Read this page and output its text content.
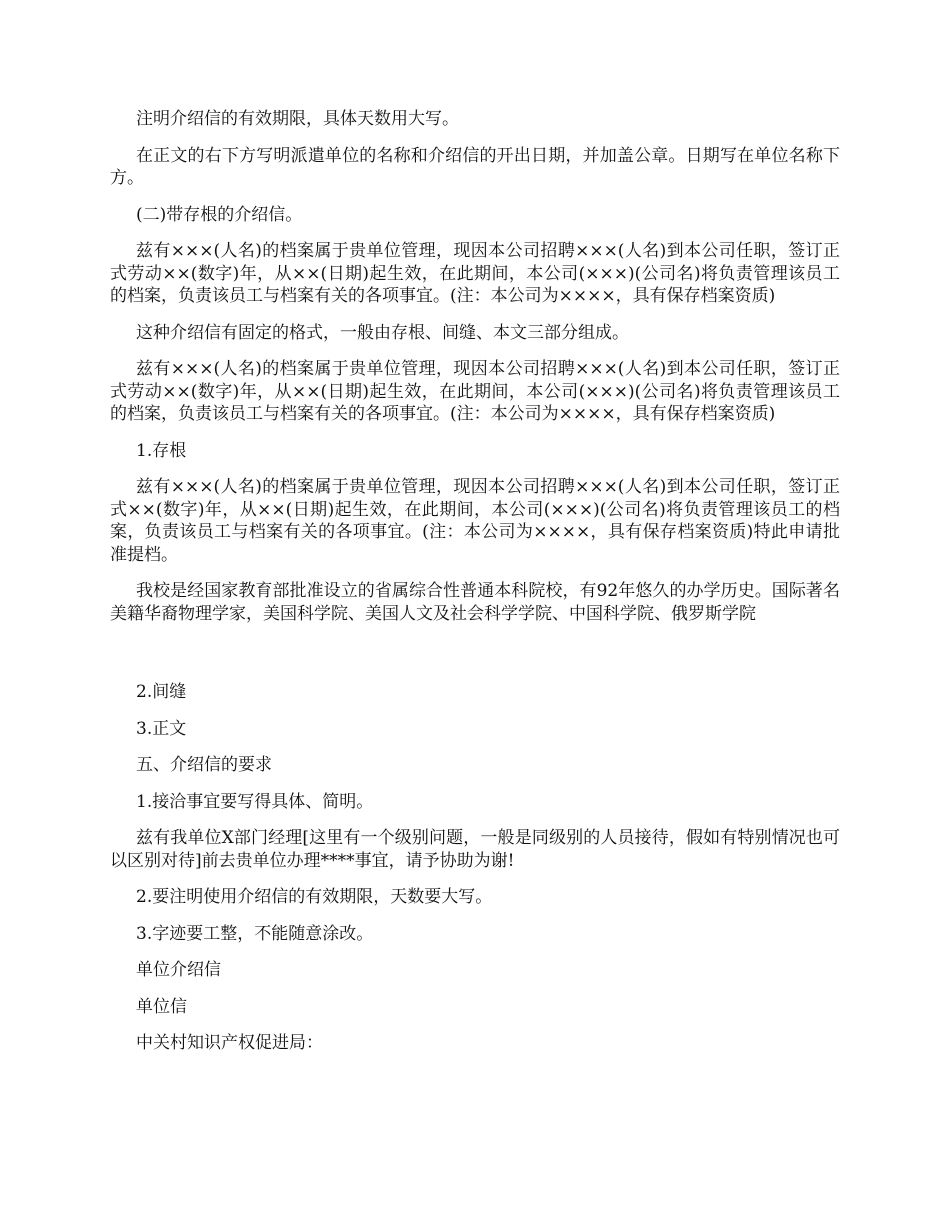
注明介绍信的有效期限，具体天数用大写。

在正文的右下方写明派遣单位的名称和介绍信的开出日期，并加盖公章。日期写在单位名称下方。

(二)带存根的介绍信。

兹有×××(人名)的档案属于贵单位管理，现因本公司招聘×××(人名)到本公司任职，签订正式劳动××(数字)年，从××(日期)起生效，在此期间，本公司(×××)(公司名)将负责管理该员工的档案，负责该员工与档案有关的各项事宜。(注：本公司为××××，具有保存档案资质)

这种介绍信有固定的格式，一般由存根、间缝、本文三部分组成。

兹有×××(人名)的档案属于贵单位管理，现因本公司招聘×××(人名)到本公司任职，签订正式劳动××(数字)年，从××(日期)起生效，在此期间，本公司(×××)(公司名)将负责管理该员工的档案，负责该员工与档案有关的各项事宜。(注：本公司为××××，具有保存档案资质)

1.存根

兹有×××(人名)的档案属于贵单位管理，现因本公司招聘×××(人名)到本公司任职，签订正式××(数字)年，从××(日期)起生效，在此期间，本公司(×××)(公司名)将负责管理该员工的档案，负责该员工与档案有关的各项事宜。(注：本公司为××××，具有保存档案资质)特此申请批准提档。

我校是经国家教育部批准设立的省属综合性普通本科院校，有92年悠久的办学历史。国际著名美籍华裔物理学家，美国科学院、美国人文及社会科学学院、中国科学院、俄罗斯学院

2.间缝

3.正文

五、介绍信的要求

1.接洽事宜要写得具体、简明。

兹有我单位X部门经理[这里有一个级别问题，一般是同级别的人员接待，假如有特别情况也可以区别对待]前去贵单位办理****事宜，请予协助为谢!

2.要注明使用介绍信的有效期限，天数要大写。

3.字迹要工整，不能随意涂改。

单位介绍信

单位信

中关村知识产权促进局：
